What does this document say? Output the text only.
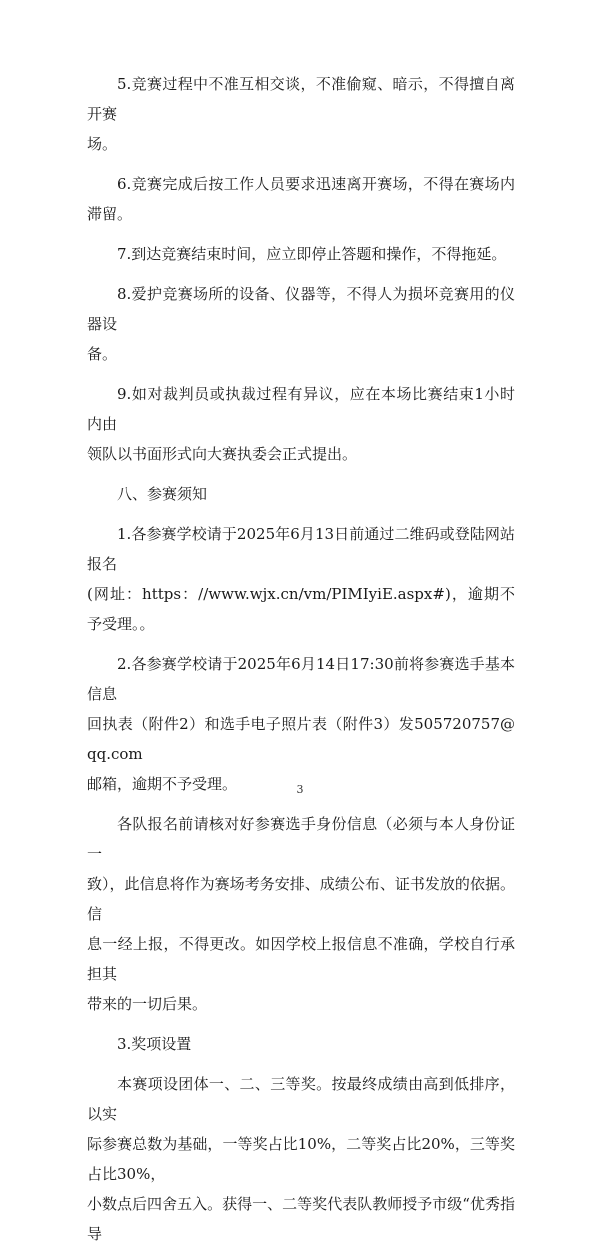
5.竞赛过程中不准互相交谈，不准偷窥、暗示，不得擅自离开赛
场。

6.竞赛完成后按工作人员要求迅速离开赛场，不得在赛场内滞留。

7.到达竞赛结束时间，应立即停止答题和操作，不得拖延。

8.爱护竞赛场所的设备、仪器等，不得人为损坏竞赛用的仪器设
备。

9.如对裁判员或执裁过程有异议，应在本场比赛结束1小时内由
领队以书面形式向大赛执委会正式提出。

八、参赛须知

1.各参赛学校请于2025年6月13日前通过二维码或登陆网站报名
(网址：https：//www.wjx.cn/vm/PIMIyiE.aspx#)，逾期不予受理。。

2.各参赛学校请于2025年6月14日17:30前将参赛选手基本信息
回执表（附件2）和选手电子照片表（附件3）发505720757@qq.com
邮箱，逾期不予受理。

各队报名前请核对好参赛选手身份信息（必须与本人身份证一
致），此信息将作为赛场考务安排、成绩公布、证书发放的依据。信
息一经上报，不得更改。如因学校上报信息不准确，学校自行承担其
带来的一切后果。

3.奖项设置

本赛项设团体一、二、三等奖。按最终成绩由高到低排序，以实
际参赛总数为基础，一等奖占比10%，二等奖占比20%，三等奖占比30%，
小数点后四舍五入。获得一、二等奖代表队教师授予市级“优秀指导

3
